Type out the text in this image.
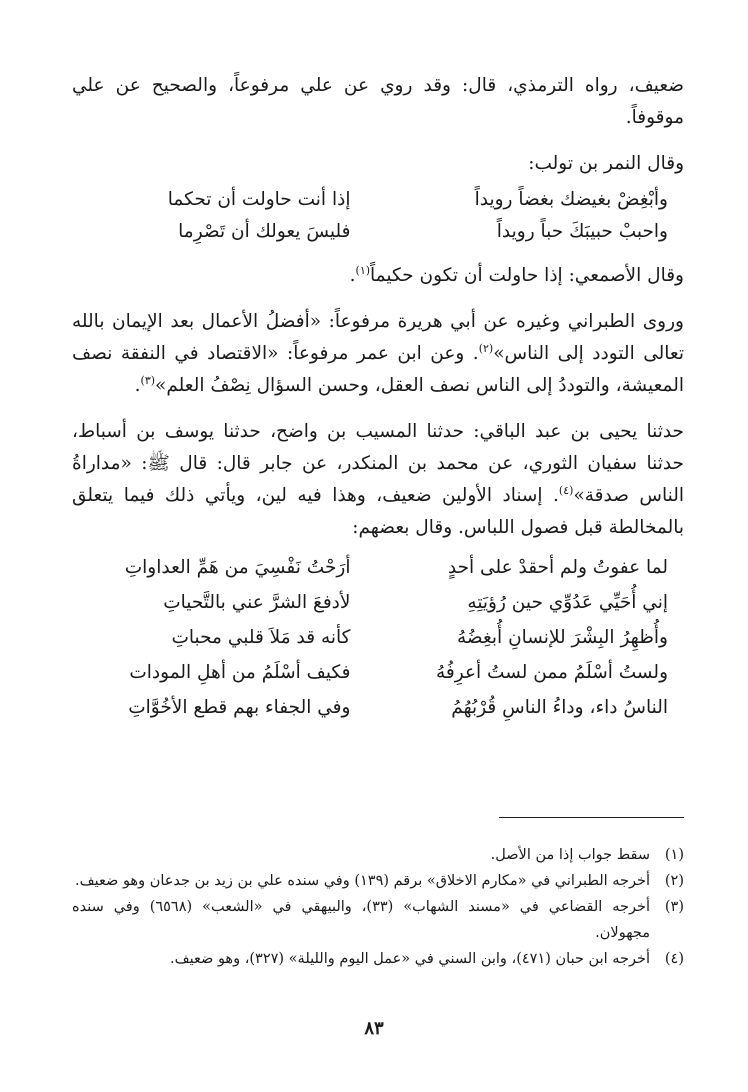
ضعيف، رواه الترمذي، قال: وقد روي عن علي مرفوعاً، والصحيح عن علي موقوفاً.

وقال النمر بن تولب:

وأبْغِضْ بغيضك بغضاً رويداً
إذا أنت حاولت أن تحكما
واحببْ حبيبَكَ حباً رويداً
فليسَ يعولك أن تَصْرِما

وقال الأصمعي: إذا حاولت أن تكون حكيماً$^{(١)}$.

وروى الطبراني وغيره عن أبي هريرة مرفوعاً: «أفضلُ الأعمال بعد الإيمان بالله تعالى التودد إلى الناس»$^{(٢)}$. وعن ابن عمر مرفوعاً: «الاقتصاد في النفقة نصف المعيشة، والتوددُ إلى الناس نصف العقل، وحسن السؤال نِصْفُ العلم»$^{(٣)}$.

حدثنا يحيى بن عبد الباقي: حدثنا المسيب بن واضح، حدثنا يوسف بن أسباط، حدثنا سفيان الثوري، عن محمد بن المنكدر، عن جابر قال: قال ﷺ: «مداراةُ الناس صدقة»$^{(٤)}$. إسناد الأولين ضعيف، وهذا فيه لين، ويأتي ذلك فيما يتعلق بالمخالطة قبل فصول اللباس. وقال بعضهم:

لما عفوتُ ولم أحقدْ على أحدٍ
أرَحْتُ نَفْسِيَ من هَمِّ العداواتِ
إني أُحَيِّي عَدُوِّي حين رُؤيَتِهِ
لأدفعَ الشرَّ عني بالتَّحياتِ
وأُظهِرُ البِشْرَ للإنسانِ أُبغِضُهُ
كأنه قد مَلاَ قلبي محباتِ
ولستُ أسْلَمُ ممن لستُ أعرِفُهُ
فكيف أسْلَمُ من أهلِ المودات
الناسُ داء، وداءُ الناسِ قُرْبُهُمُ
وفي الجفاء بهم قطع الأخُوَّاتِ
(١)
سقط جواب إذا من الأصل.
(٢)
أخرجه الطبراني في «مكارم الاخلاق» برقم (١٣٩) وفي سنده علي بن زيد بن جدعان وهو ضعيف.
(٣)
أخرجه القضاعي في «مسند الشهاب» (٣٣)، والبيهقي في «الشعب» (٦٥٦٨) وفي سنده مجهولان.
(٤)
أخرجه ابن حبان (٤٧١)، وابن السني في «عمل اليوم والليلة» (٣٢٧)، وهو ضعيف.
٨٣
